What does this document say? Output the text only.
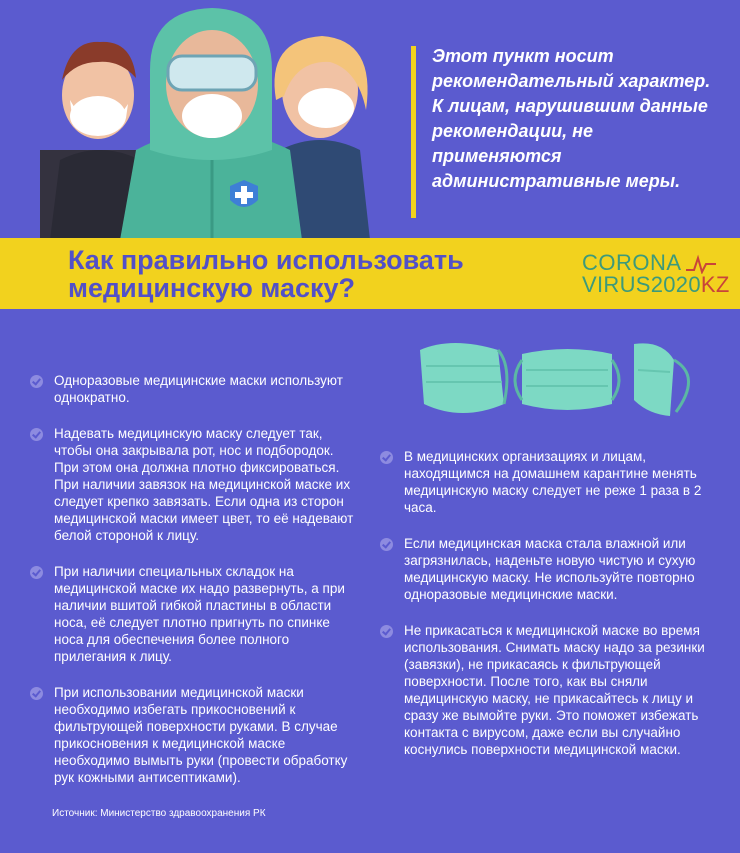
Этот пункт носит рекомендательный характер. К лицам, нарушившим данные рекомендации, не применяются административные меры.
Как правильно использовать
медицинскую маску?
CORONA
VIRUS2020KZ
Одноразовые медицинские маски используют однократно.
Надевать медицинскую маску следует так, чтобы она закрывала рот, нос и подбородок. При этом она должна плотно фиксироваться. При наличии завязок на медицинской маске их следует крепко завязать. Если одна из сторон медицинской маски имеет цвет, то её надевают белой стороной к лицу.
При наличии специальных складок на медицинской маске их надо развернуть, а при наличии вшитой гибкой пластины в области носа, её следует плотно пригнуть по спинке носа для обеспечения более полного прилегания к лицу.
При использовании медицинской маски необходимо избегать прикосновений к фильтрующей поверхности руками. В случае прикосновения к медицинской маске необходимо вымыть руки (провести обработку рук кожными антисептиками).
В медицинских организациях и лицам, находящимся на домашнем карантине менять медицинскую маску следует не реже 1 раза в 2 часа.
Если медицинская маска стала влажной или загрязнилась, наденьте новую чистую и сухую медицинскую маску. Не используйте повторно одноразовые медицинские маски.
Не прикасаться к медицинской маске во время использования. Снимать маску надо за резинки (завязки), не прикасаясь к фильтрующей поверхности. После того, как вы сняли медицинскую маску, не прикасайтесь к лицу и сразу же вымойте руки. Это поможет избежать контакта с вирусом, даже если вы случайно коснулись поверхности медицинской маски.
Источник: Министерство здравоохранения РК
